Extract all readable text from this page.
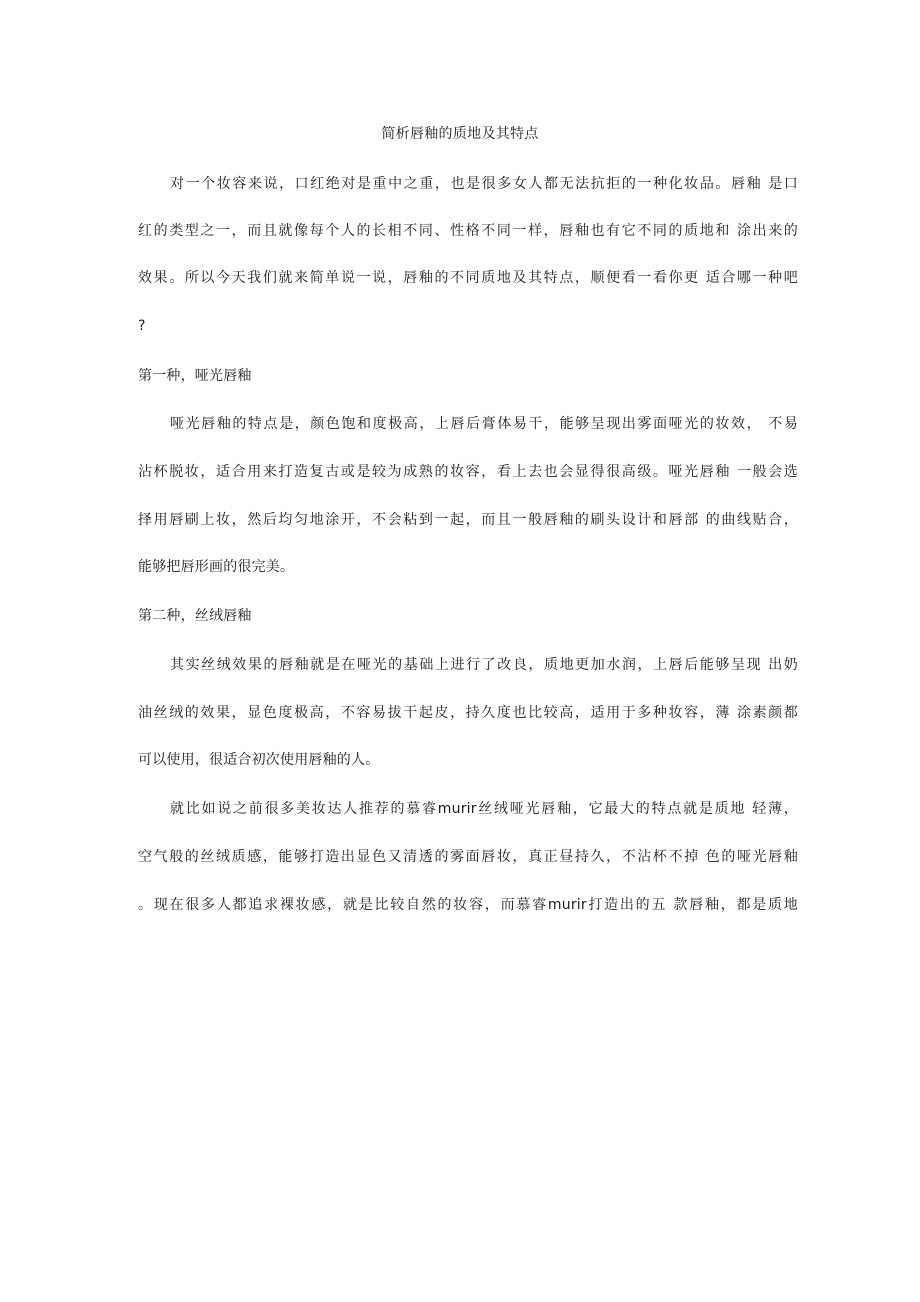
简析唇釉的质地及其特点
对一个妆容来说，口红绝对是重中之重，也是很多女人都无法抗拒的一种化妆品。唇釉 是口
红的类型之一，而且就像每个人的长相不同、性格不同一样，唇釉也有它不同的质地和 涂出来的
效果。所以今天我们就来简单说一说，唇釉的不同质地及其特点，顺便看一看你更 适合哪一种吧
?
第一种，哑光唇釉
哑光唇釉的特点是，颜色饱和度极高，上唇后膏体易干，能够呈现出雾面哑光的妆效， 不易
沾杯脱妆，适合用来打造复古或是较为成熟的妆容，看上去也会显得很高级。哑光唇釉 一般会选
择用唇刷上妆，然后均匀地涂开，不会粘到一起，而且一般唇釉的刷头设计和唇部 的曲线贴合，
能够把唇形画的很完美。
第二种，丝绒唇釉
其实丝绒效果的唇釉就是在哑光的基础上进行了改良，质地更加水润，上唇后能够呈现 出奶
油丝绒的效果，显色度极高，不容易拔干起皮，持久度也比较高，适用于多种妆容，薄 涂素颜都
可以使用，很适合初次使用唇釉的人。
就比如说之前很多美妆达人推荐的慕睿murir丝绒哑光唇釉，它最大的特点就是质地 轻薄，
空气般的丝绒质感，能够打造出显色又清透的雾面唇妆，真正昼持久，不沾杯不掉 色的哑光唇釉
。现在很多人都追求裸妆感，就是比较自然的妆容，而慕睿murir打造出的五 款唇釉，都是质地
